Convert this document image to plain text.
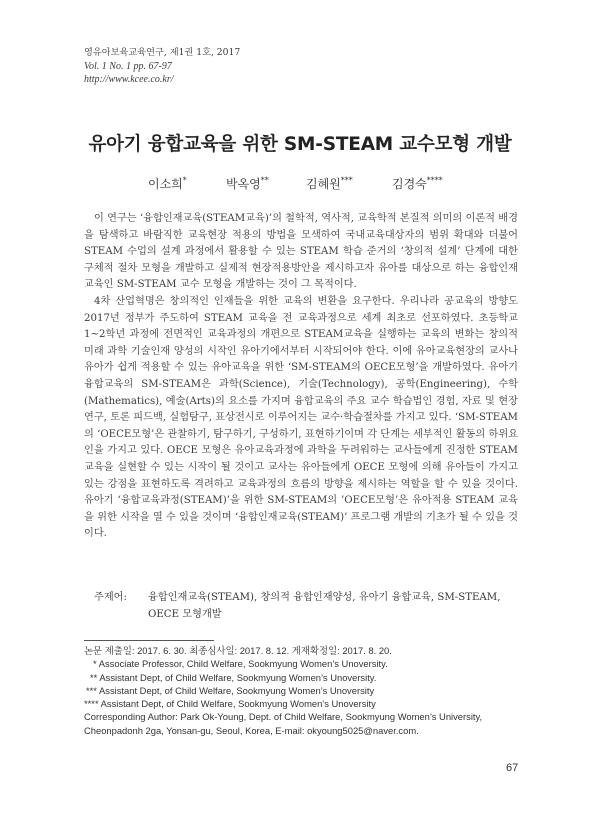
영유아보육교육연구, 제1권 1호, 2017
Vol. 1 No. 1 pp. 67-97
http://www.kcee.co.kr/
유아기 융합교육을 위한 SM-STEAM 교수모형 개발
이소희*	박옥영**	김혜원***	김경숙****

이 연구는 ‘융합인재교육(STEAM교육)’의 철학적, 역사적, 교육학적 본질적 의미의 이론적 배경을 탐색하고 바람직한 교육현장 적용의 방법을 모색하여 국내교육대상자의 범위 확대와 더불어 STEAM 수업의 설계 과정에서 활용할 수 있는 STEAM 학습 준거의 ‘창의적 설계’ 단계에 대한 구체적 절차 모형을 개발하고 실제적 현장적용방안을 제시하고자 유아를 대상으로 하는 융합인재교육인 SM-STEAM 교수 모형을 개발하는 것이 그 목적이다.

4차 산업혁명은 창의적인 인재들을 위한 교육의 변환을 요구한다. 우리나라 공교육의 방향도 2017년 정부가 주도하여 STEAM 교육을 전 교육과정으로 세계 최초로 선포하였다. 초등학교 1~2학년 과정에 전면적인 교육과정의 개편으로 STEAM교육을 실행하는 교육의 변화는 창의적 미래 과학 기술인재 양성의 시작인 유아기에서부터 시작되어야 한다. 이에 유아교육현장의 교사나 유아가 쉽게 적용할 수 있는 유아교육을 위한 ‘SM-STEAM의 OECE모형’을 개발하였다. 유아기 융합교육의 SM-STEAM은 과학(Science), 기술(Technology), 공학(Engineering), 수학(Mathematics), 예술(Arts)의 요소를 가지며 융합교육의 주요 교수 학습법인 경험, 자료 및 현장연구, 토론 피드백, 실험탐구, 표상전시로 이루어지는 교수·학습절차를 가지고 있다. ‘SM-STEAM의 ‘OECE모형’은 관찰하기, 탐구하기, 구성하기, 표현하기이며 각 단계는 세부적인 활동의 하위요인을 가지고 있다. OECE 모형은 유아교육과정에 과학을 두려워하는 교사들에게 진정한 STEAM 교육을 실현할 수 있는 시작이 될 것이고 교사는 유아들에게 OECE 모형에 의해 유아들이 가지고 있는 강점을 표현하도록 격려하고 교육과정의 흐름의 방향을 제시하는 역할을 할 수 있을 것이다. 유아기 ‘융합교육과정(STEAM)’을 위한 SM-STEAM의 ’OECE모형’은 유아적용 STEAM 교육을 위한 시작을 열 수 있을 것이며 ‘융합인재교육(STEAM)’ 프로그램 개발의 기초가 될 수 있을 것이다.

주제어: 융합인재교육(STEAM), 창의적 융합인재양성, 유아기 융합교육, SM-STEAM,
OECE 모형개발
논문 제출일: 2017. 6. 30. 최종심사일: 2017. 8. 12. 게재확정일: 2017. 8. 20.
* Associate Professor, Child Welfare, Sookmyung Women’s Unoversity.
** Assistant Dept, of Child Welfare, Sookmyung Women’s Unoversity.
*** Assistant Dept, of Child Welfare, Sookmyung Women’s Unoversity
**** Assistant Dept, of Child Welfare, Sookmyung Women’s Unoversity
Corresponding Author: Park Ok-Young, Dept. of Child Welfare, Sookmyung Women’s University,
Cheonpadonh 2ga, Yonsan-gu, Seoul, Korea, E-mail: okyoung5025@naver.com.
67
